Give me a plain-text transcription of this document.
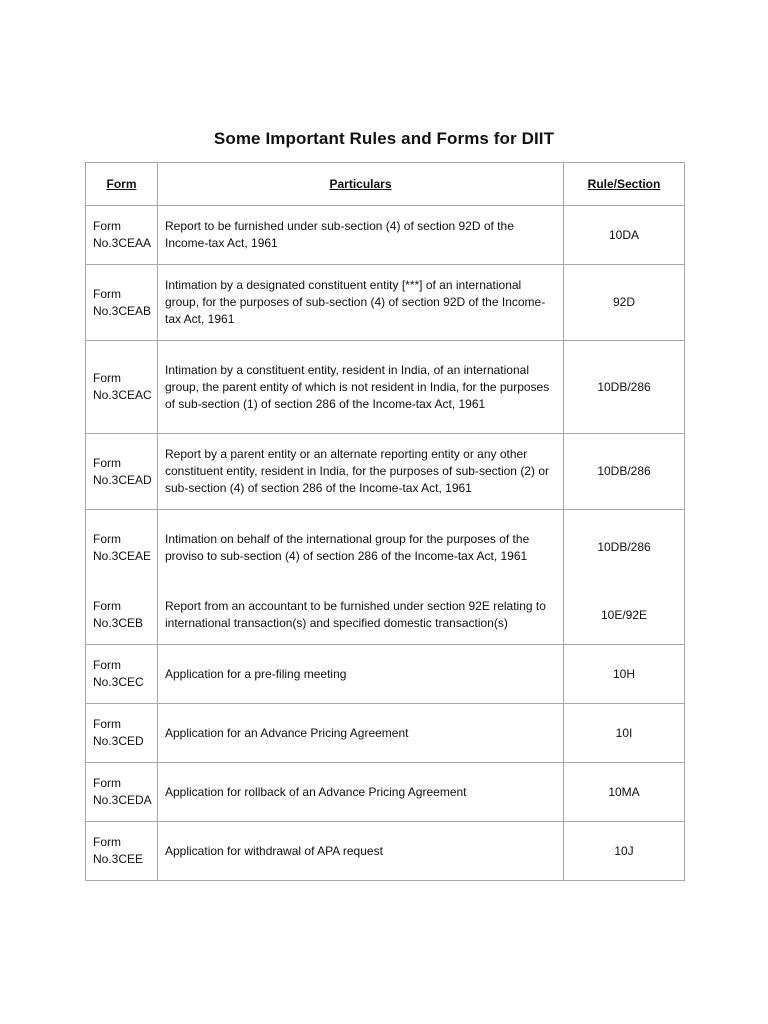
Some Important Rules and Forms for DIIT
Form	Particulars	Rule/Section
Form No.3CEAA	Report to be furnished under sub-section (4) of section 92D of the Income-tax Act, 1961	10DA
Form No.3CEAB	Intimation by a designated constituent entity [***] of an international group, for the purposes of sub-section (4) of section 92D of the Income-tax Act, 1961	92D
Form No.3CEAC	Intimation by a constituent entity, resident in India, of an international group, the parent entity of which is not resident in India, for the purposes of sub-section (1) of section 286 of the Income-tax Act, 1961	10DB/286
Form No.3CEAD	Report by a parent entity or an alternate reporting entity or any other constituent entity, resident in India, for the purposes of sub-section (2) or sub-section (4) of section 286 of the Income-tax Act, 1961	10DB/286
Form No.3CEAE	Intimation on behalf of the international group for the purposes of the proviso to sub-section (4) of section 286 of the Income-tax Act, 1961	10DB/286
Form No.3CEB	Report from an accountant to be furnished under section 92E relating to international transaction(s) and specified domestic transaction(s)	10E/92E
Form No.3CEC	Application for a pre-filing meeting	10H
Form No.3CED	Application for an Advance Pricing Agreement	10I
Form No.3CEDA	Application for rollback of an Advance Pricing Agreement	10MA
Form No.3CEE	Application for withdrawal of APA request	10J
